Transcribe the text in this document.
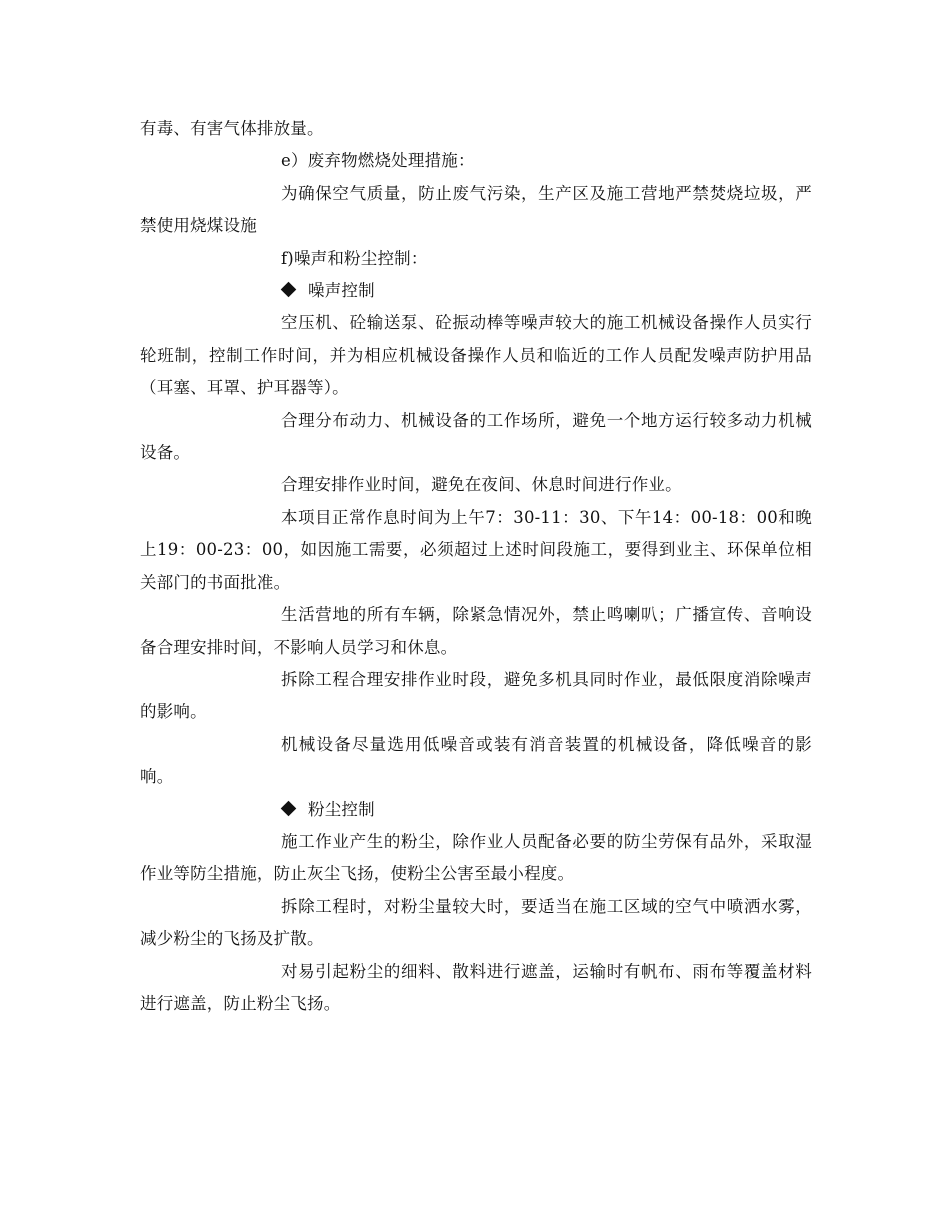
有毒、有害气体排放量。

e）废弃物燃烧处理措施：

为确保空气质量，防止废气污染，生产区及施工营地严禁焚烧垃圾，严禁使用烧煤设施

f)噪声和粉尘控制：

噪声控制

空压机、砼输送泵、砼振动棒等噪声较大的施工机械设备操作人员实行轮班制，控制工作时间，并为相应机械设备操作人员和临近的工作人员配发噪声防护用品（耳塞、耳罩、护耳器等）。

合理分布动力、机械设备的工作场所，避免一个地方运行较多动力机械设备。

合理安排作业时间，避免在夜间、休息时间进行作业。

本项目正常作息时间为上午7：30-11：30、下午14：00-18：00和晚上19：00-23：00，如因施工需要，必须超过上述时间段施工，要得到业主、环保单位相关部门的书面批准。

生活营地的所有车辆，除紧急情况外，禁止鸣喇叭；广播宣传、音响设备合理安排时间，不影响人员学习和休息。

拆除工程合理安排作业时段，避免多机具同时作业，最低限度消除噪声的影响。

机械设备尽量选用低噪音或装有消音装置的机械设备，降低噪音的影响。

粉尘控制

施工作业产生的粉尘，除作业人员配备必要的防尘劳保有品外，采取湿作业等防尘措施，防止灰尘飞扬，使粉尘公害至最小程度。

拆除工程时，对粉尘量较大时，要适当在施工区域的空气中喷洒水雾，减少粉尘的飞扬及扩散。

对易引起粉尘的细料、散料进行遮盖，运输时有帆布、雨布等覆盖材料进行遮盖，防止粉尘飞扬。
